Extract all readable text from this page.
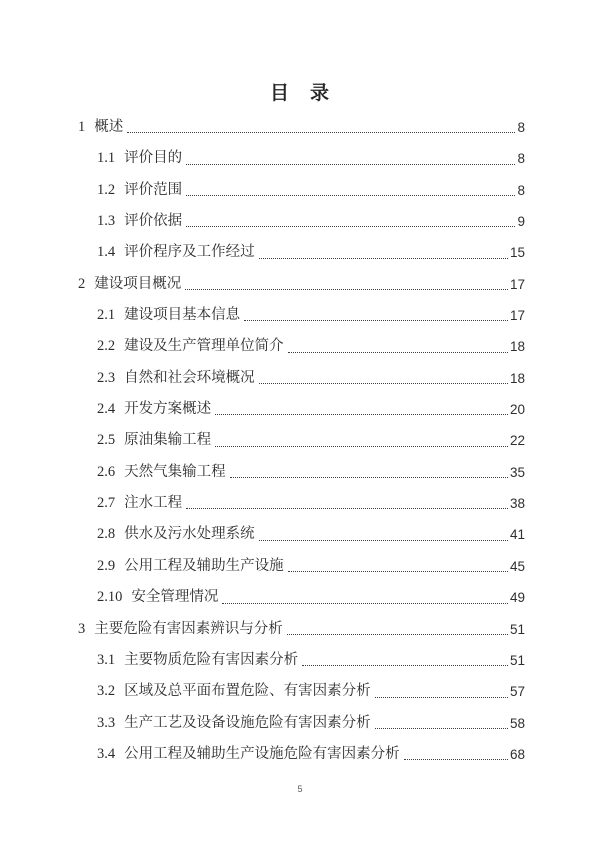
目　录
1 概述	8
1.1 评价目的	8
1.2 评价范围	8
1.3 评价依据	9
1.4 评价程序及工作经过	15
2 建设项目概况	17
2.1 建设项目基本信息	17
2.2 建设及生产管理单位简介	18
2.3 自然和社会环境概况	18
2.4 开发方案概述	20
2.5 原油集输工程	22
2.6 天然气集输工程	35
2.7 注水工程	38
2.8 供水及污水处理系统	41
2.9 公用工程及辅助生产设施	45
2.10 安全管理情况	49
3 主要危险有害因素辨识与分析	51
3.1 主要物质危险有害因素分析	51
3.2 区域及总平面布置危险、有害因素分析	57
3.3 生产工艺及设备设施危险有害因素分析	58
3.4 公用工程及辅助生产设施危险有害因素分析	68
5
